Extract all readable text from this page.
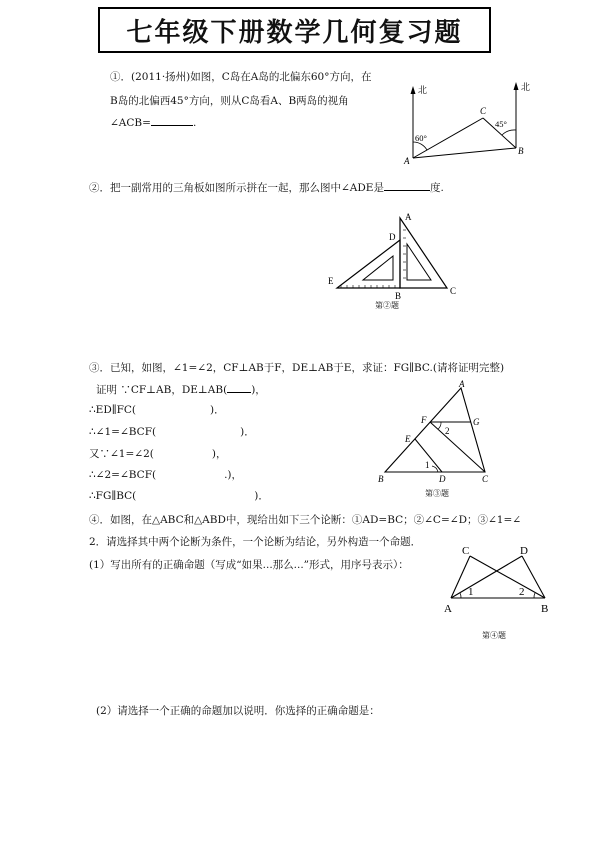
七年级下册数学几何复习题
①．(2011·扬州)如图，C岛在A岛的北偏东60°方向，在
B岛的北偏西45°方向，则从C岛看A、B两岛的视角
∠ACB=	.
北	北
A
B
C
60°
45°
②．把一副常用的三角板如图所示拼在一起，那么图中∠ADE是	度.
A
D
E
B	C
第②题
③．已知，如图，∠1=∠2，CF⊥AB于F，DE⊥AB于E，求证：FG∥BC.(请将证明完整)
证明 ∵CF⊥AB，DE⊥AB( )，
∴ED∥FC(	)．
∴∠1=∠BCF(	)．
又∵∠1=∠2(	)，
∴∠2=∠BCF(	.)，
∴FG∥BC(	)．
A
F	G
E
B	D	C
1
2
第③题
④．如图，在△ABC和△ABD中，现给出如下三个论断：①AD=BC；②∠C=∠D；③∠1=∠
2．请选择其中两个论断为条件，一个论断为结论，另外构造一个命题．
(1）写出所有的正确命题（写成“如果...那么...”形式，用序号表示）：
C	D
A	B
1	2
第④题
(2）请选择一个正确的命题加以说明．你选择的正确命题是：
